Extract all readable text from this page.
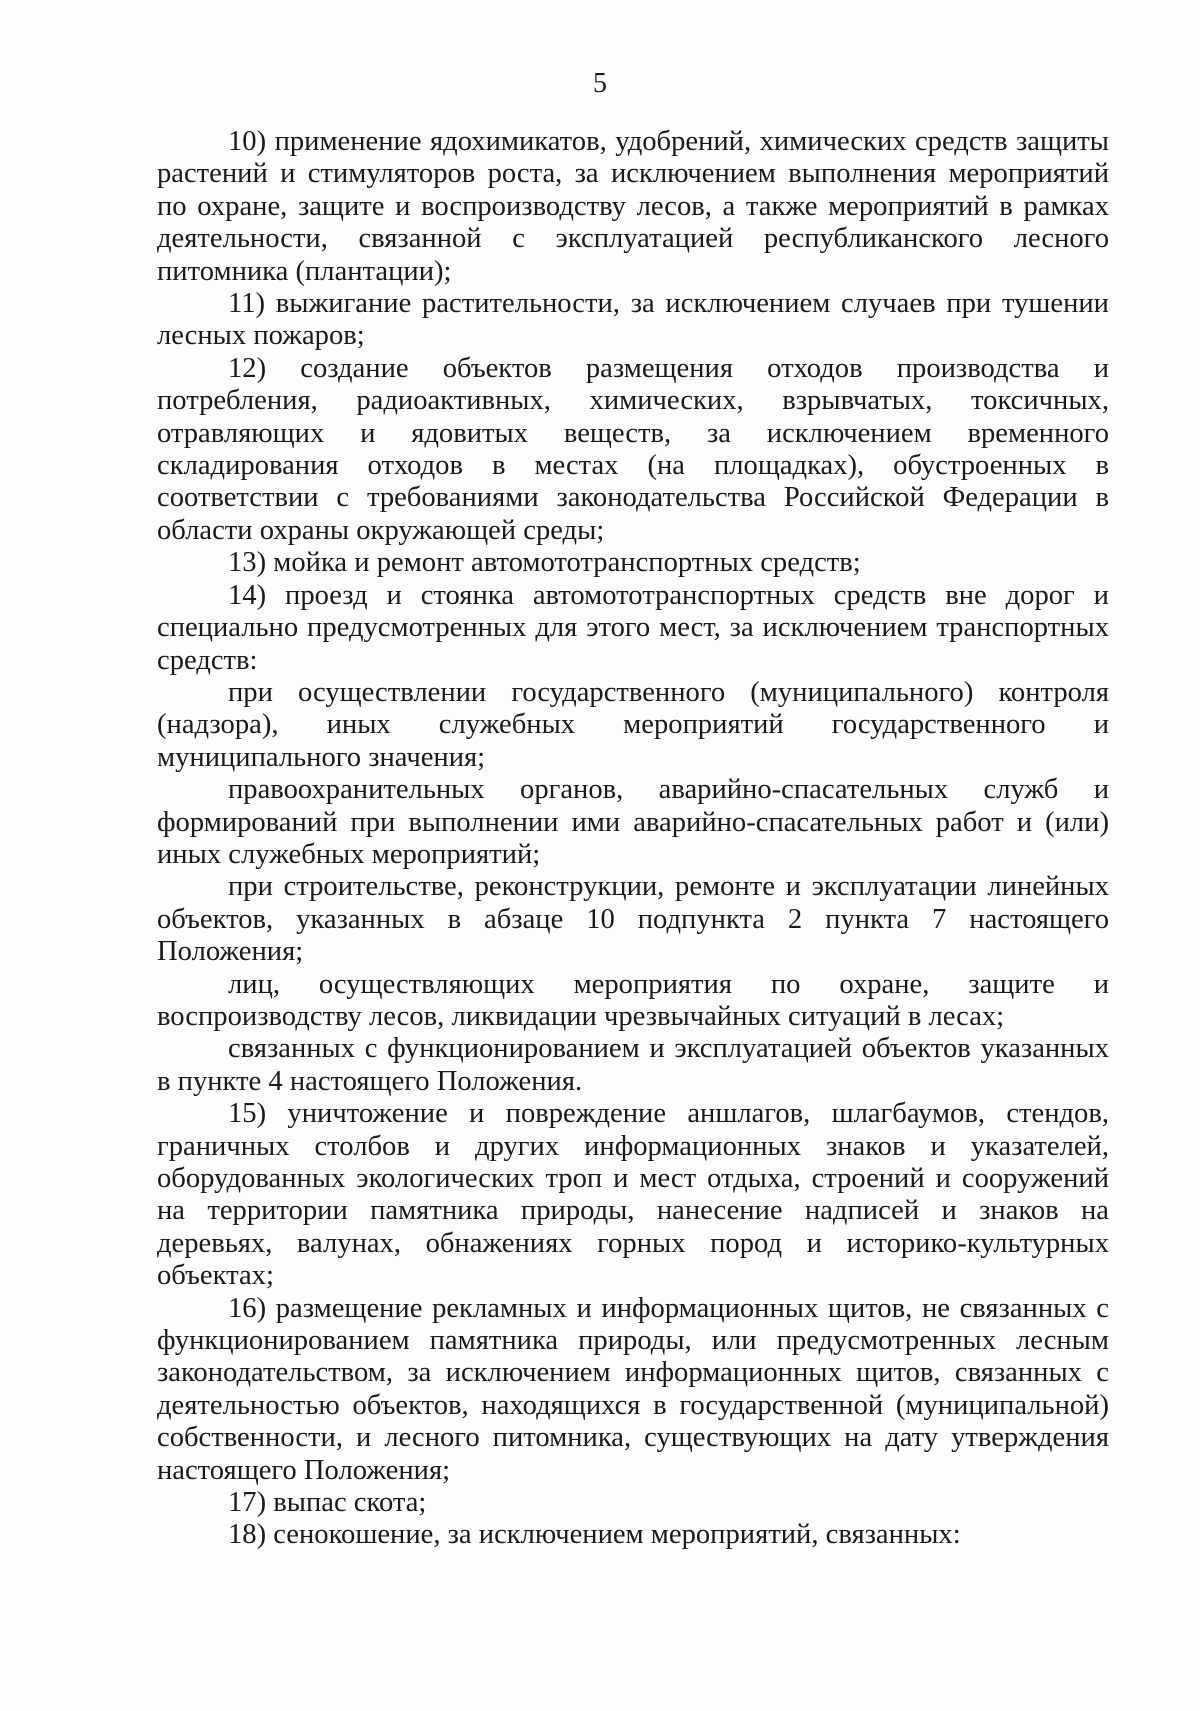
5

10) применение ядохимикатов, удобрений, химических средств защиты растений и стимуляторов роста, за исключением выполнения мероприятий по охране, защите и воспроизводству лесов, а также мероприятий в рамках деятельности, связанной с эксплуатацией республиканского лесного питомника (плантации);

11) выжигание растительности, за исключением случаев при тушении лесных пожаров;

12) создание объектов размещения отходов производства и потребления, радиоактивных, химических, взрывчатых, токсичных, отравляющих и ядовитых веществ, за исключением временного складирования отходов в местах (на площадках), обустроенных в соответствии с требованиями законодательства Российской Федерации в области охраны окружающей среды;

13) мойка и ремонт автомототранспортных средств;

14) проезд и стоянка автомототранспортных средств вне дорог и специально предусмотренных для этого мест, за исключением транспортных средств:

при осуществлении государственного (муниципального) контроля (надзора), иных служебных мероприятий государственного и муниципального значения;

правоохранительных органов, аварийно-спасательных служб и формирований при выполнении ими аварийно-спасательных работ и (или) иных служебных мероприятий;

при строительстве, реконструкции, ремонте и эксплуатации линейных объектов, указанных в абзаце 10 подпункта 2 пункта 7 настоящего Положения;

лиц, осуществляющих мероприятия по охране, защите и воспроизводству лесов, ликвидации чрезвычайных ситуаций в лесах;

связанных с функционированием и эксплуатацией объектов указанных в пункте 4 настоящего Положения.

15) уничтожение и повреждение аншлагов, шлагбаумов, стендов, граничных столбов и других информационных знаков и указателей, оборудованных экологических троп и мест отдыха, строений и сооружений на территории памятника природы, нанесение надписей и знаков на деревьях, валунах, обнажениях горных пород и историко-культурных объектах;

16) размещение рекламных и информационных щитов, не связанных с функционированием памятника природы, или предусмотренных лесным законодательством, за исключением информационных щитов, связанных с деятельностью объектов, находящихся в государственной (муниципальной) собственности, и лесного питомника, существующих на дату утверждения настоящего Положения;

17) выпас скота;

18) сенокошение, за исключением мероприятий, связанных:
